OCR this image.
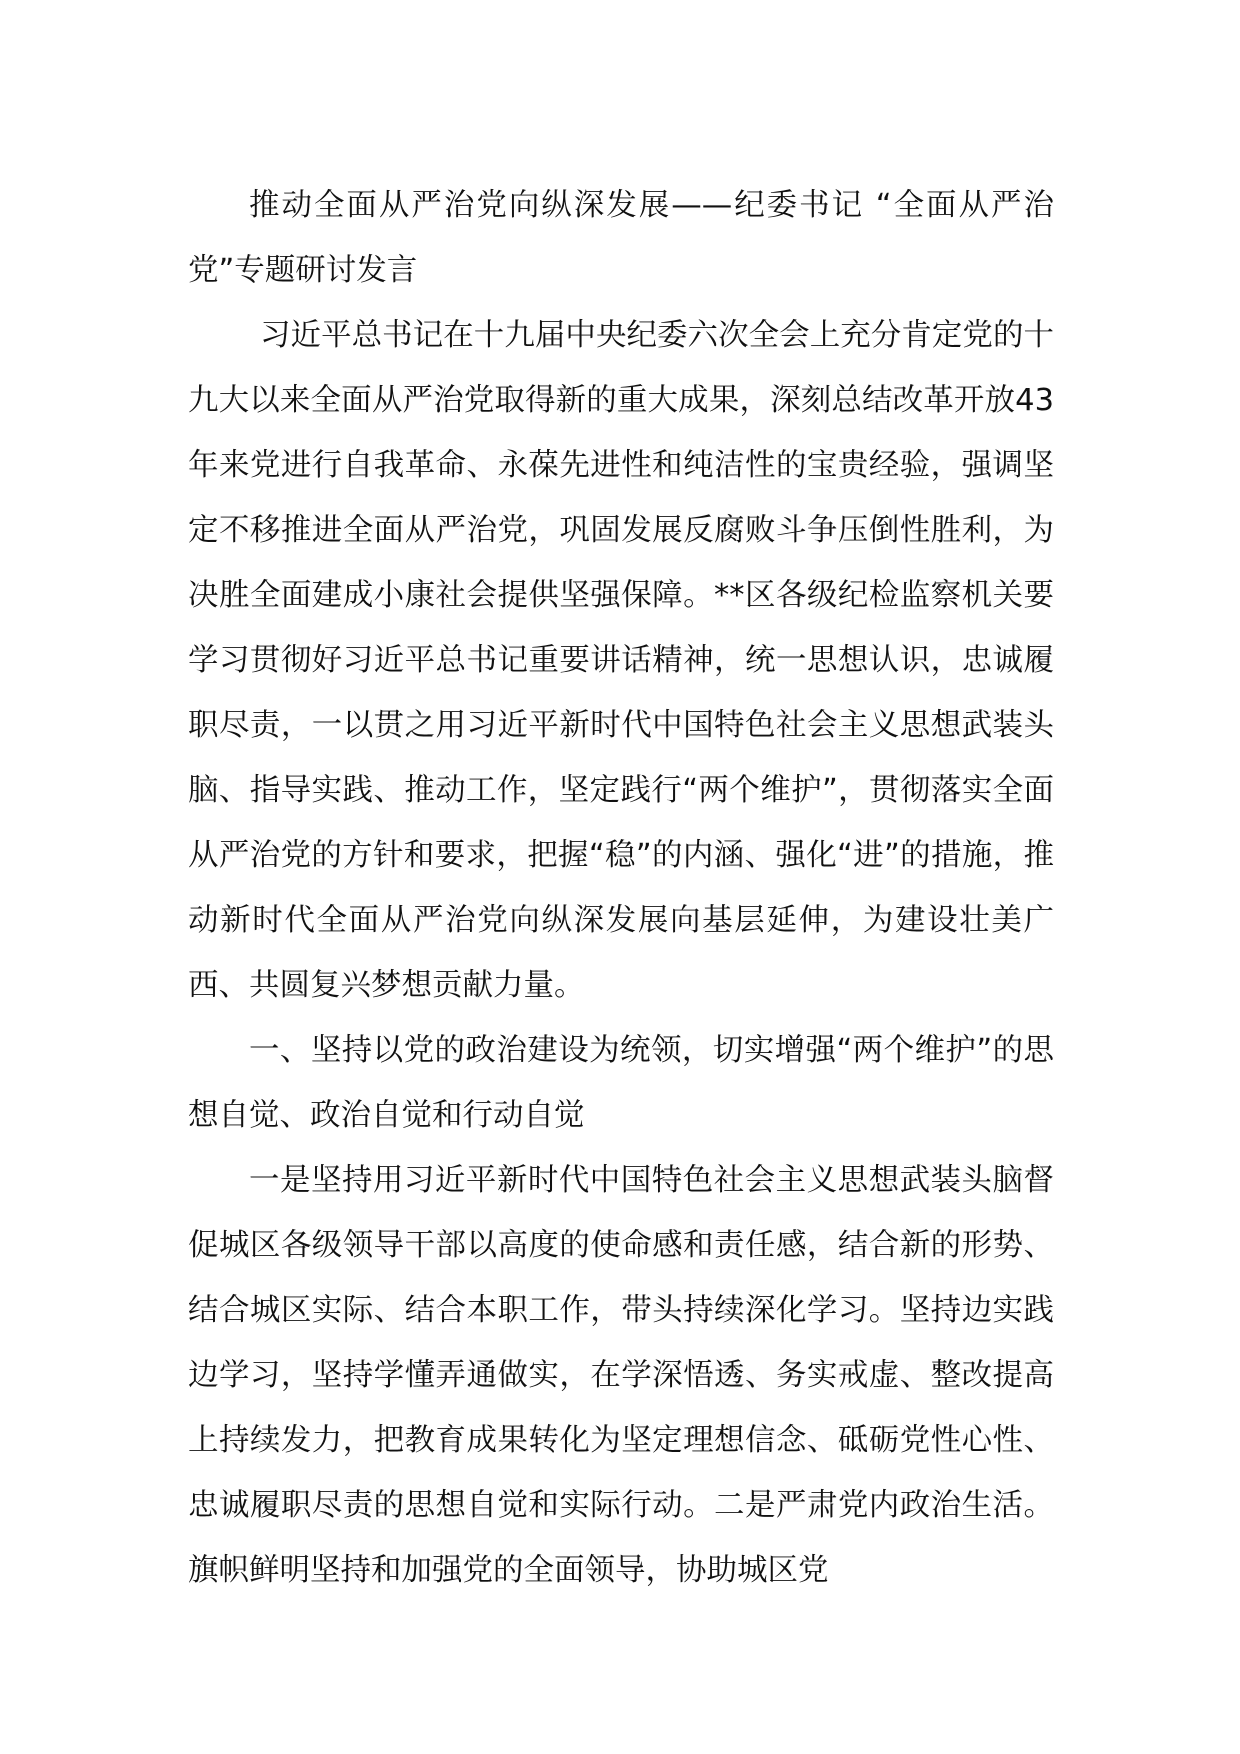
推动全面从严治党向纵深发展——纪委书记 “全面从严治党”专题研讨发言

习近平总书记在十九届中央纪委六次全会上充分肯定党的十九大以来全面从严治党取得新的重大成果，深刻总结改革开放43年来党进行自我革命、永葆先进性和纯洁性的宝贵经验，强调坚定不移推进全面从严治党，巩固发展反腐败斗争压倒性胜利，为决胜全面建成小康社会提供坚强保障。**区各级纪检监察机关要学习贯彻好习近平总书记重要讲话精神，统一思想认识，忠诚履职尽责，一以贯之用习近平新时代中国特色社会主义思想武装头脑、指导实践、推动工作，坚定践行“两个维护”，贯彻落实全面从严治党的方针和要求，把握“稳”的内涵、强化“进”的措施，推动新时代全面从严治党向纵深发展向基层延伸，为建设壮美广西、共圆复兴梦想贡献力量。

一、坚持以党的政治建设为统领，切实增强“两个维护”的思想自觉、政治自觉和行动自觉

一是坚持用习近平新时代中国特色社会主义思想武装头脑督促城区各级领导干部以高度的使命感和责任感，结合新的形势、结合城区实际、结合本职工作，带头持续深化学习。坚持边实践边学习，坚持学懂弄通做实，在学深悟透、务实戒虚、整改提高上持续发力，把教育成果转化为坚定理想信念、砥砺党性心性、忠诚履职尽责的思想自觉和实际行动。二是严肃党内政治生活。旗帜鲜明坚持和加强党的全面领导，协助城区党
